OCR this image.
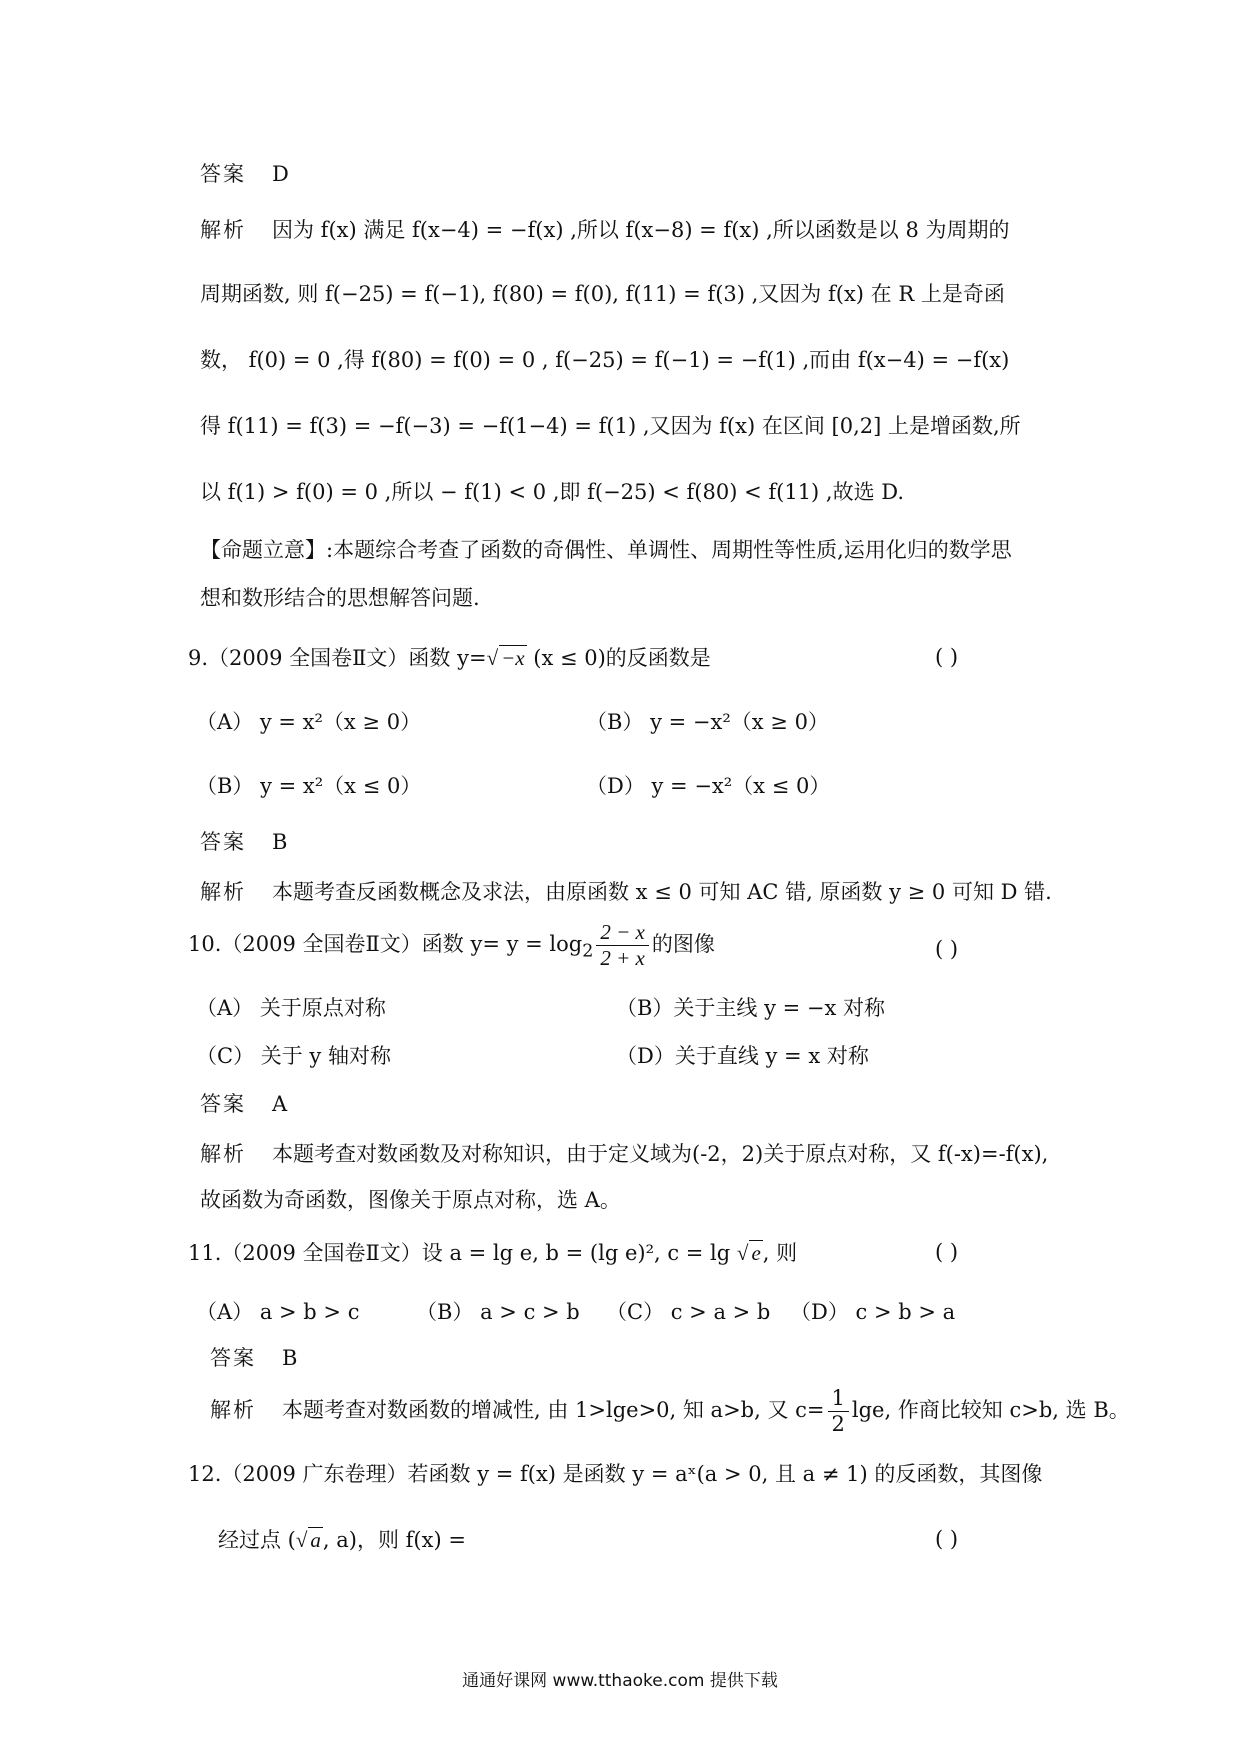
答案 D
解析 因为 f(x) 满足 f(x−4) = −f(x) ,所以 f(x−8) = f(x) ,所以函数是以 8 为周期的
周期函数, 则 f(−25) = f(−1), f(80) = f(0), f(11) = f(3) ,又因为 f(x) 在 R 上是奇函
数， f(0) = 0 ,得 f(80) = f(0) = 0 , f(−25) = f(−1) = −f(1) ,而由 f(x−4) = −f(x)
得 f(11) = f(3) = −f(−3) = −f(1−4) = f(1) ,又因为 f(x) 在区间 [0,2] 上是增函数,所
以 f(1) > f(0) = 0 ,所以 − f(1) < 0 ,即 f(−25) < f(80) < f(11) ,故选 D.
【命题立意】:本题综合考查了函数的奇偶性、单调性、周期性等性质,运用化归的数学思
想和数形结合的思想解答问题.
9.（2009 全国卷Ⅱ文）函数 y=√ −x (x ≤ 0)的反函数是	( )
（A） y = x²（x ≥ 0）	（B） y = −x²（x ≥ 0）
（B） y = x²（x ≤ 0）	（D） y = −x²（x ≤ 0）
答案 B
解析 本题考查反函数概念及求法，由原函数 x ≤ 0 可知 AC 错, 原函数 y ≥ 0 可知 D 错.
10.（2009 全国卷Ⅱ文）函数 $y= y = \log_2 \frac{2 - x}{2 + x}$ 的图像	( )
（A） 关于原点对称	（B）关于主线 y = −x 对称
（C） 关于 y 轴对称	（D）关于直线 y = x 对称
答案 A
解析 本题考查对数函数及对称知识，由于定义域为(-2，2)关于原点对称，又 f(-x)=-f(x),
故函数为奇函数，图像关于原点对称，选 A。
11.（2009 全国卷Ⅱ文）设 a = lg e, b = (lg e)², c = lg √ e, 则	( )
（A） a > b > c	（B） a > c > b （C） c > a > b （D） c > b > a
答案 B
解析 本题考查对数函数的增减性, 由 1>lge>0, 知 a>b, 又 $c= \frac{1}{2} \lg e$, 作商比较知 c>b, 选 B。
12.（2009 广东卷理）若函数 y = f(x) 是函数 y = aˣ(a > 0, 且 a ≠ 1) 的反函数，其图像
经过点 (√ a, a)，则 f(x) =	( )
通通好课网 www.tthaoke.com 提供下载
